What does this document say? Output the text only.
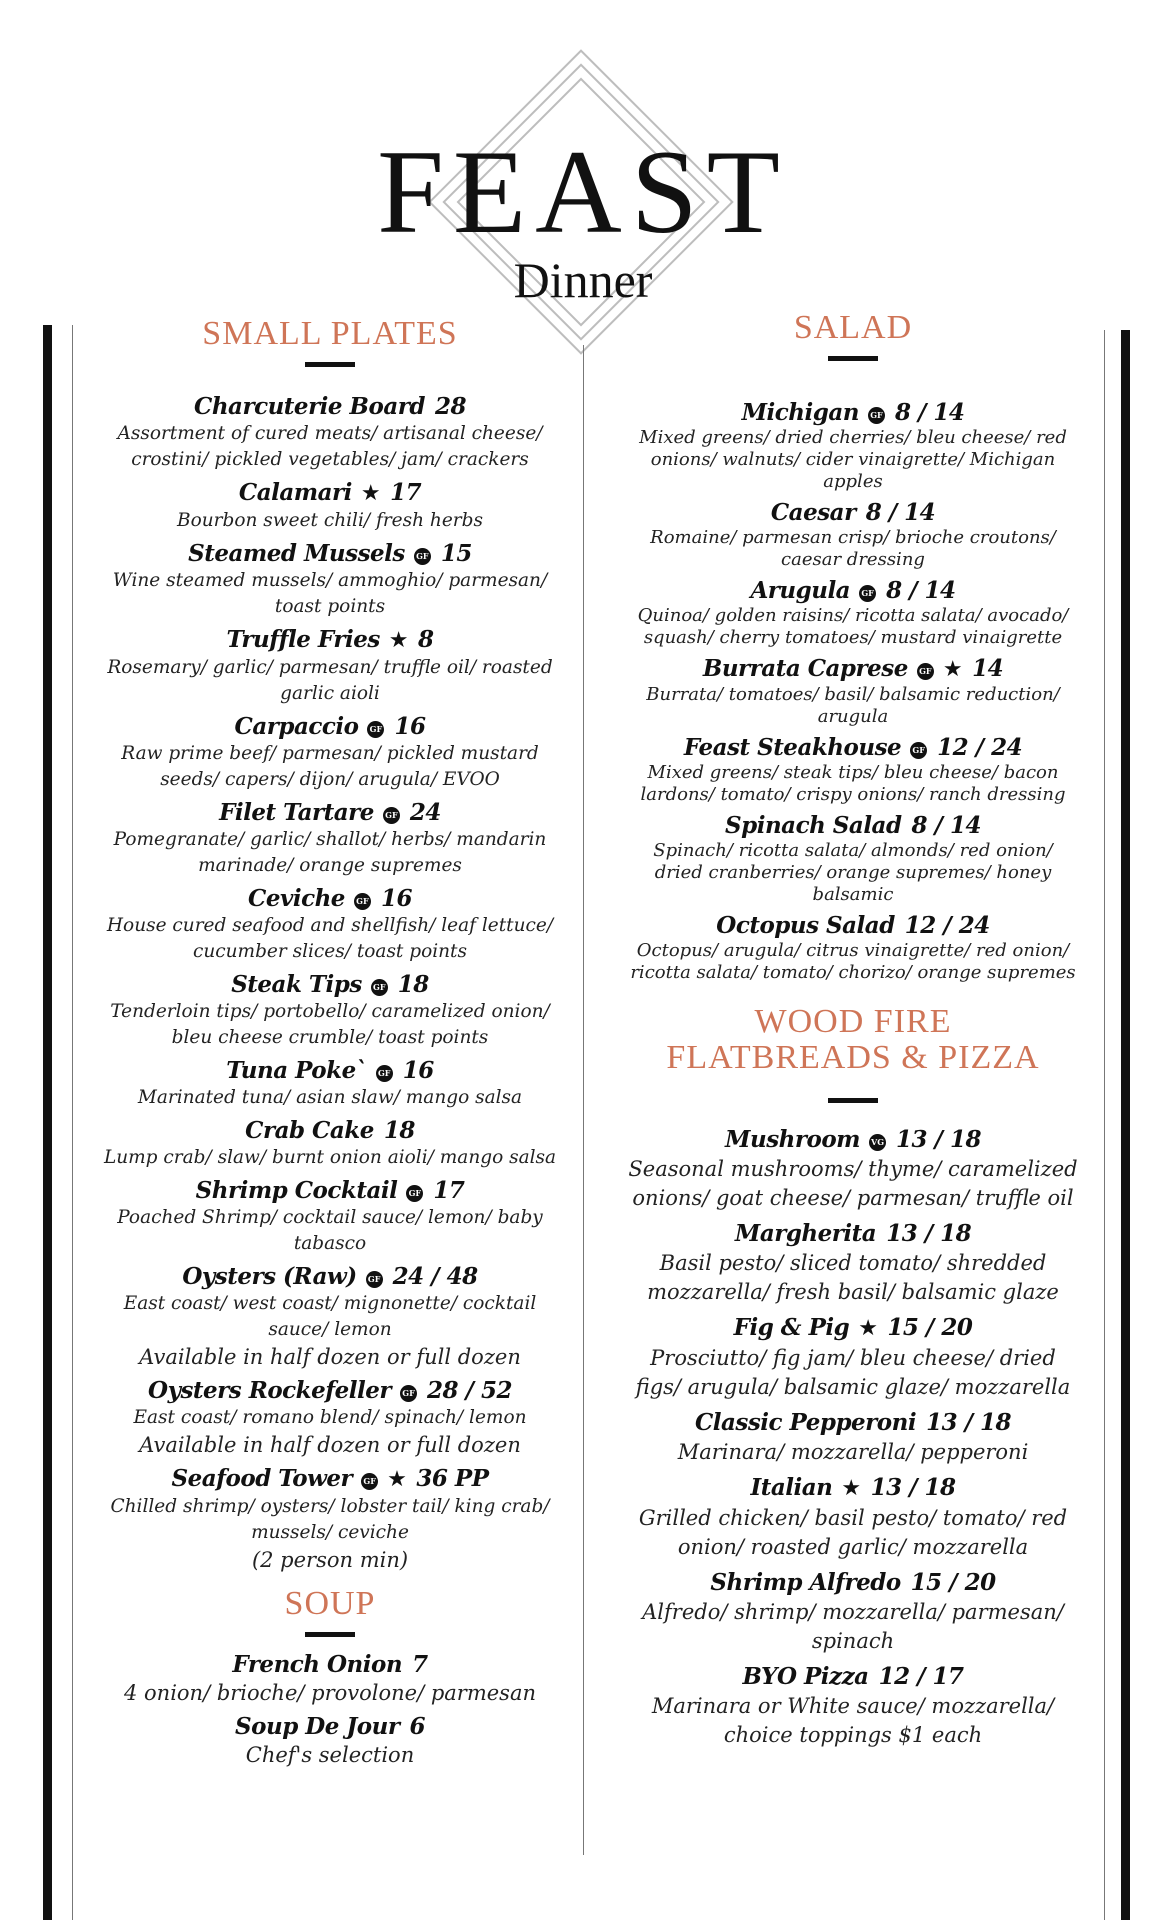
FEAST
Dinner
SMALL PLATES
Charcuterie Board 28
Assortment of cured meats/ artisanal cheese/ crostini/ pickled vegetables/ jam/ crackers
Calamari ★ 17
Bourbon sweet chili/ fresh herbs
Steamed Mussels GF 15
Wine steamed mussels/ ammoghio/ parmesan/ toast points
Truffle Fries ★ 8
Rosemary/ garlic/ parmesan/ truffle oil/ roasted garlic aioli
Carpaccio GF 16
Raw prime beef/ parmesan/ pickled mustard seeds/ capers/ dijon/ arugula/ EVOO
Filet Tartare GF 24
Pomegranate/ garlic/ shallot/ herbs/ mandarin marinade/ orange supremes
Ceviche GF 16
House cured seafood and shellfish/ leaf lettuce/ cucumber slices/ toast points
Steak Tips GF 18
Tenderloin tips/ portobello/ caramelized onion/ bleu cheese crumble/ toast points
Tuna Poke` GF 16
Marinated tuna/ asian slaw/ mango salsa
Crab Cake 18
Lump crab/ slaw/ burnt onion aioli/ mango salsa
Shrimp Cocktail GF 17
Poached Shrimp/ cocktail sauce/ lemon/ baby tabasco
Oysters (Raw) GF 24 / 48
East coast/ west coast/ mignonette/ cocktail sauce/ lemon
Available in half dozen or full dozen
Oysters Rockefeller GF 28 / 52
East coast/ romano blend/ spinach/ lemon
Available in half dozen or full dozen
Seafood Tower GF ★ 36 PP
Chilled shrimp/ oysters/ lobster tail/ king crab/ mussels/ ceviche
(2 person min)
SOUP
French Onion 7
4 onion/ brioche/ provolone/ parmesan
Soup De Jour 6
Chef's selection
SALAD
Michigan GF 8 / 14
Mixed greens/ dried cherries/ bleu cheese/ red onions/ walnuts/ cider vinaigrette/ Michigan apples
Caesar 8 / 14
Romaine/ parmesan crisp/ brioche croutons/ caesar dressing
Arugula GF 8 / 14
Quinoa/ golden raisins/ ricotta salata/ avocado/ squash/ cherry tomatoes/ mustard vinaigrette
Burrata Caprese GF ★ 14
Burrata/ tomatoes/ basil/ balsamic reduction/ arugula
Feast Steakhouse GF 12 / 24
Mixed greens/ steak tips/ bleu cheese/ bacon lardons/ tomato/ crispy onions/ ranch dressing
Spinach Salad 8 / 14
Spinach/ ricotta salata/ almonds/ red onion/ dried cranberries/ orange supremes/ honey balsamic
Octopus Salad 12 / 24
Octopus/ arugula/ citrus vinaigrette/ red onion/ ricotta salata/ tomato/ chorizo/ orange supremes
WOOD FIRE
FLATBREADS & PIZZA
Mushroom VG 13 / 18
Seasonal mushrooms/ thyme/ caramelized onions/ goat cheese/ parmesan/ truffle oil
Margherita 13 / 18
Basil pesto/ sliced tomato/ shredded mozzarella/ fresh basil/ balsamic glaze
Fig & Pig ★ 15 / 20
Prosciutto/ fig jam/ bleu cheese/ dried figs/ arugula/ balsamic glaze/ mozzarella
Classic Pepperoni 13 / 18
Marinara/ mozzarella/ pepperoni
Italian ★ 13 / 18
Grilled chicken/ basil pesto/ tomato/ red onion/ roasted garlic/ mozzarella
Shrimp Alfredo 15 / 20
Alfredo/ shrimp/ mozzarella/ parmesan/ spinach
BYO Pizza 12 / 17
Marinara or White sauce/ mozzarella/ choice toppings $1 each
